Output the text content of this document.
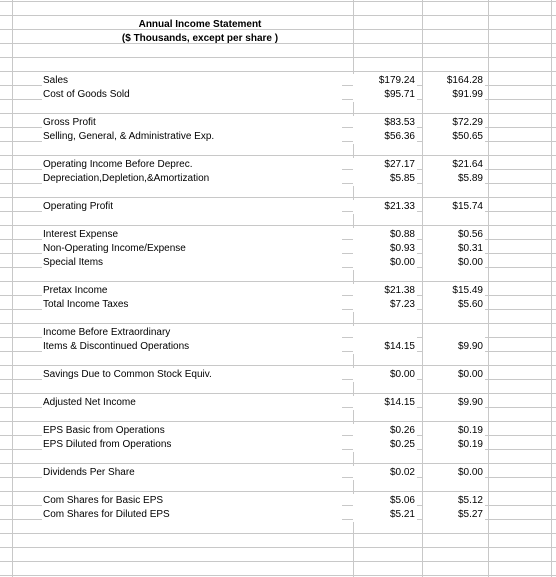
Annual Income Statement
($ Thousands, except per share )
Sales	$179.24	$164.28
Cost of Goods Sold	$95.71	$91.99
Gross Profit	$83.53	$72.29
Selling, General, & Administrative Exp.	$56.36	$50.65
Operating Income Before Deprec.	$27.17	$21.64
Depreciation,Depletion,&Amortization	$5.85	$5.89
Operating Profit	$21.33	$15.74
Interest Expense	$0.88	$0.56
Non-Operating Income/Expense	$0.93	$0.31
Special Items	$0.00	$0.00
Pretax Income	$21.38	$15.49
Total Income Taxes	$7.23	$5.60
Income Before Extraordinary
Items & Discontinued Operations	$14.15	$9.90
Savings Due to Common Stock Equiv.	$0.00	$0.00
Adjusted Net Income	$14.15	$9.90
EPS Basic from Operations	$0.26	$0.19
EPS Diluted from Operations	$0.25	$0.19
Dividends Per Share	$0.02	$0.00
Com Shares for Basic EPS	$5.06	$5.12
Com Shares for Diluted EPS	$5.21	$5.27
